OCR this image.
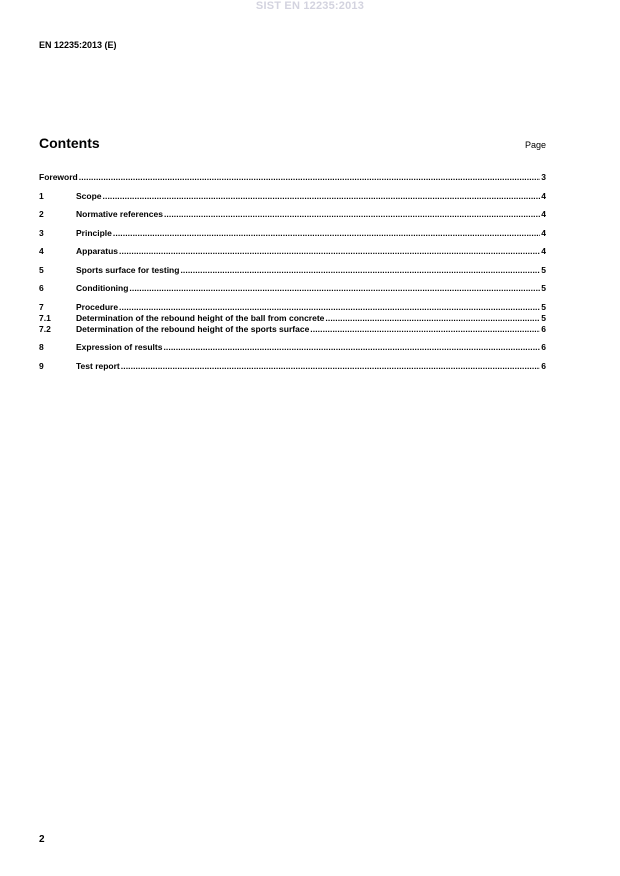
SIST EN 12235:2013
EN 12235:2013 (E)
Contents	Page
Foreword .....	3
1	Scope .....	4
2	Normative references .....	4
3	Principle .....	4
4	Apparatus .....	4
5	Sports surface for testing .....	5
6	Conditioning .....	5
7	Procedure .....	5
7.1	Determination of the rebound height of the ball from concrete .....	5
7.2	Determination of the rebound height of the sports surface .....	6
8	Expression of results .....	6
9	Test report .....	6
2
